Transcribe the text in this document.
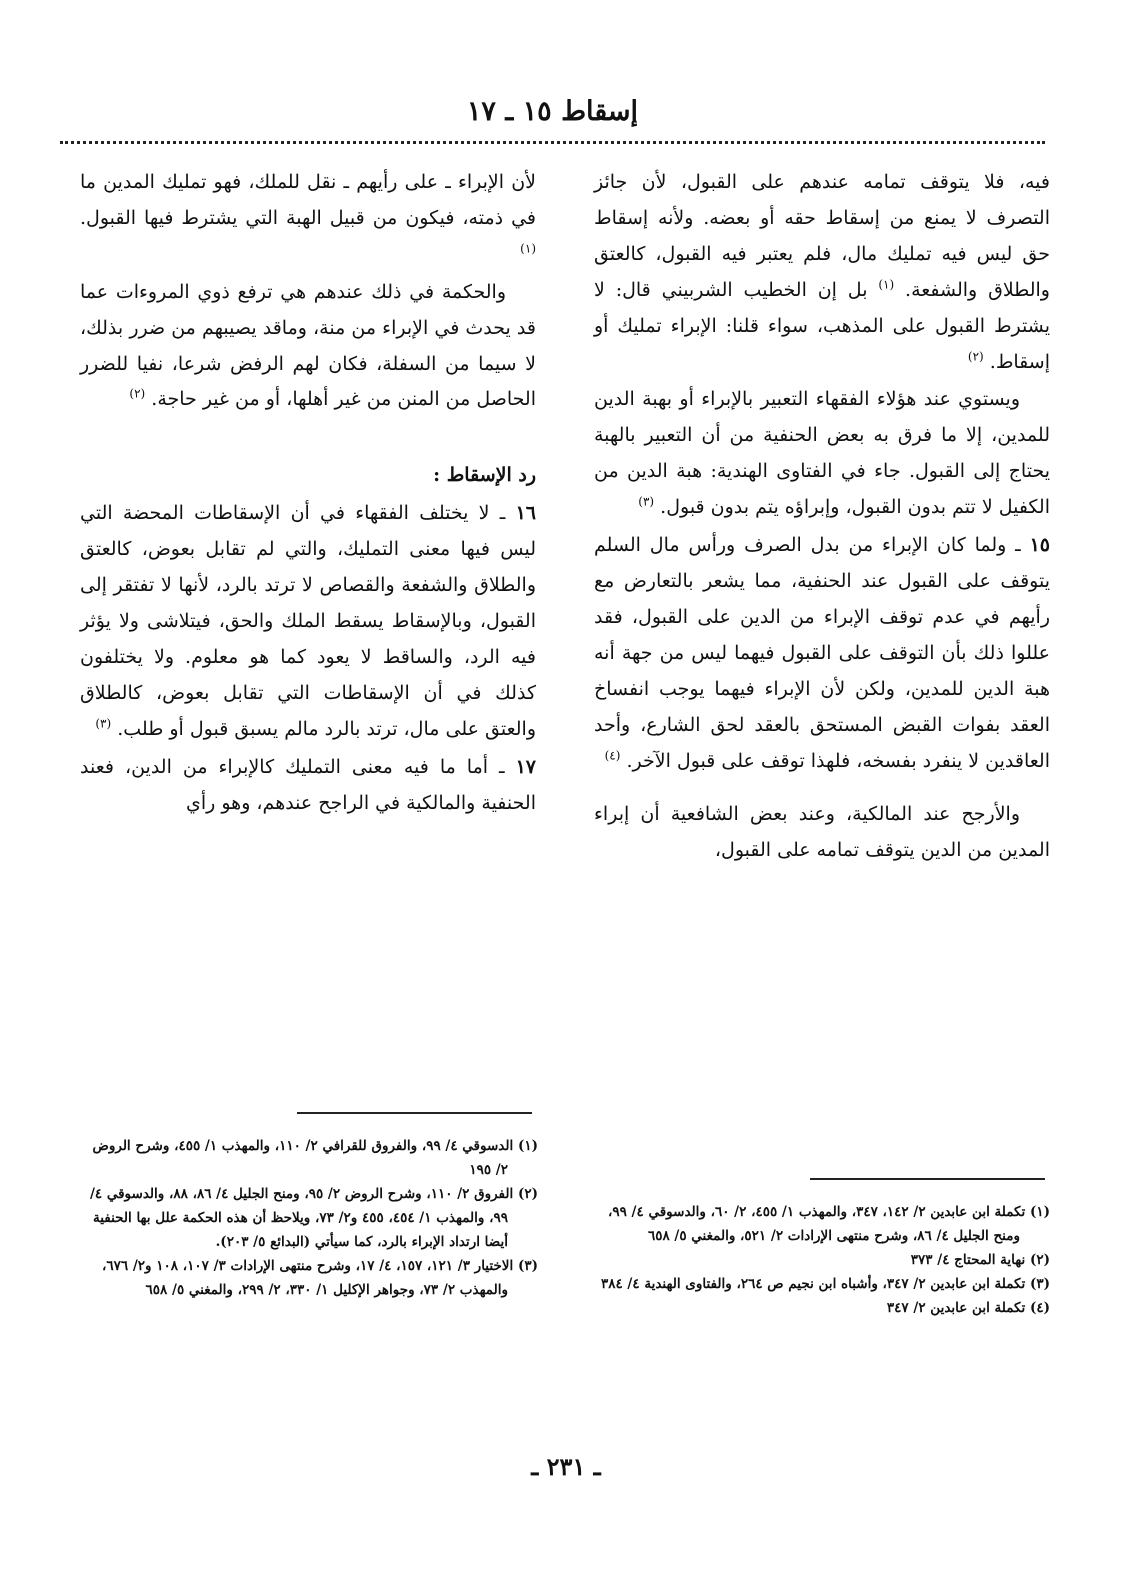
إسقاط ١٥ ـ ١٧

فيه، فلا يتوقف تمامه عندهم على القبول، لأن جائز التصرف لا يمنع من إسقاط حقه أو بعضه. ولأنه إسقاط حق ليس فيه تمليك مال، فلم يعتبر فيه القبول، كالعتق والطلاق والشفعة. $^{(١)}$ بل إن الخطيب الشربيني قال: لا يشترط القبول على المذهب، سواء قلنا: الإبراء تمليك أو إسقاط. $^{(٢)}$

ويستوي عند هؤلاء الفقهاء التعبير بالإبراء أو بهبة الدين للمدين، إلا ما فرق به بعض الحنفية من أن التعبير بالهبة يحتاج إلى القبول. جاء في الفتاوى الهندية: هبة الدين من الكفيل لا تتم بدون القبول، وإبراؤه يتم بدون قبول. $^{(٣)}$

١٥ ـ ولما كان الإبراء من بدل الصرف ورأس مال السلم يتوقف على القبول عند الحنفية، مما يشعر بالتعارض مع رأيهم في عدم توقف الإبراء من الدين على القبول، فقد عللوا ذلك بأن التوقف على القبول فيهما ليس من جهة أنه هبة الدين للمدين، ولكن لأن الإبراء فيهما يوجب انفساخ العقد بفوات القبض المستحق بالعقد لحق الشارع، وأحد العاقدين لا ينفرد بفسخه، فلهذا توقف على قبول الآخر. $^{(٤)}$

والأرجح عند المالكية، وعند بعض الشافعية أن إبراء المدين من الدين يتوقف تمامه على القبول،

لأن الإبراء ـ على رأيهم ـ نقل للملك، فهو تمليك المدين ما في ذمته، فيكون من قبيل الهبة التي يشترط فيها القبول. $^{(١)}$

والحكمة في ذلك عندهم هي ترفع ذوي المروءات عما قد يحدث في الإبراء من منة، وماقد يصيبهم من ضرر بذلك، لا سيما من السفلة، فكان لهم الرفض شرعا، نفيا للضرر الحاصل من المنن من غير أهلها، أو من غير حاجة. $^{(٢)}$

رد الإسقاط :

١٦ ـ لا يختلف الفقهاء في أن الإسقاطات المحضة التي ليس فيها معنى التمليك، والتي لم تقابل بعوض، كالعتق والطلاق والشفعة والقصاص لا ترتد بالرد، لأنها لا تفتقر إلى القبول، وبالإسقاط يسقط الملك والحق، فيتلاشى ولا يؤثر فيه الرد، والساقط لا يعود كما هو معلوم. ولا يختلفون كذلك في أن الإسقاطات التي تقابل بعوض، كالطلاق والعتق على مال، ترتد بالرد مالم يسبق قبول أو طلب. $^{(٣)}$

١٧ ـ أما ما فيه معنى التمليك كالإبراء من الدين، فعند الحنفية والمالكية في الراجح عندهم، وهو رأي

(١) تكملة ابن عابدين ٢/ ١٤٢، ٣٤٧، والمهذب ١/ ٤٥٥، ٢/ ٦٠، والدسوقي ٤/ ٩٩، ومنح الجليل ٤/ ٨٦، وشرح منتهى الإرادات ٢/ ٥٢١، والمغني ٥/ ٦٥٨
(٢) نهاية المحتاج ٤/ ٣٧٣
(٣) تكملة ابن عابدين ٢/ ٣٤٧، وأشباه ابن نجيم ص ٢٦٤، والفتاوى الهندية ٤/ ٣٨٤
(٤) تكملة ابن عابدين ٢/ ٣٤٧
(١) الدسوقي ٤/ ٩٩، والفروق للقرافي ٢/ ١١٠، والمهذب ١/ ٤٥٥، وشرح الروض ٢/ ١٩٥
(٢) الفروق ٢/ ١١٠، وشرح الروض ٢/ ٩٥، ومنح الجليل ٤/ ٨٦، ٨٨، والدسوقي ٤/ ٩٩، والمهذب ١/ ٤٥٤، ٤٥٥ و٢/ ٧٣، ويلاحظ أن هذه الحكمة علل بها الحنفية أيضا ارتداد الإبراء بالرد، كما سيأتي (البدائع ٥/ ٢٠٣).
(٣) الاختيار ٣/ ١٢١، ١٥٧، ٤/ ١٧، وشرح منتهى الإرادات ٣/ ١٠٧، ١٠٨ و٢/ ٦٧٦، والمهذب ٢/ ٧٣، وجواهر الإكليل ١/ ٣٣٠، ٢/ ٢٩٩، والمغني ٥/ ٦٥٨
ـ ٢٣١ ـ
